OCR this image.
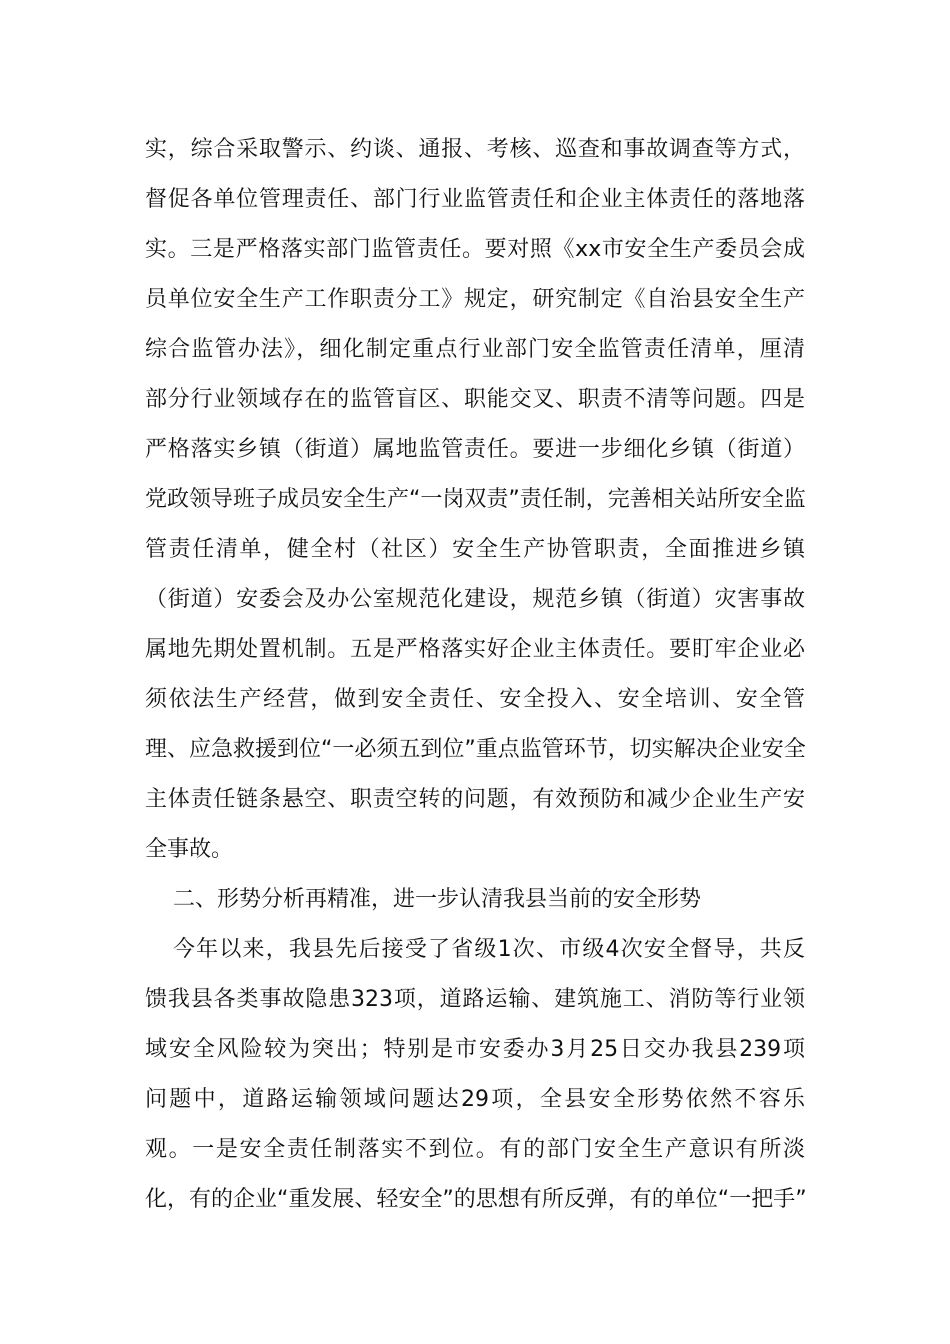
实，综合采取警示、约谈、通报、考核、巡查和事故调查等方式，
督促各单位管理责任、部门行业监管责任和企业主体责任的落地落
实。三是严格落实部门监管责任。要对照《xx市安全生产委员会成
员单位安全生产工作职责分工》规定，研究制定《自治县安全生产
综合监管办法》，细化制定重点行业部门安全监管责任清单，厘清
部分行业领域存在的监管盲区、职能交叉、职责不清等问题。四是
严格落实乡镇（街道）属地监管责任。要进一步细化乡镇（街道）
党政领导班子成员安全生产“一岗双责”责任制，完善相关站所安全监
管责任清单，健全村（社区）安全生产协管职责，全面推进乡镇
（街道）安委会及办公室规范化建设，规范乡镇（街道）灾害事故
属地先期处置机制。五是严格落实好企业主体责任。要盯牢企业必
须依法生产经营，做到安全责任、安全投入、安全培训、安全管
理、应急救援到位“一必须五到位”重点监管环节，切实解决企业安全
主体责任链条悬空、职责空转的问题，有效预防和减少企业生产安
全事故。
二、形势分析再精准，进一步认清我县当前的安全形势
今年以来，我县先后接受了省级1次、市级4次安全督导，共反
馈我县各类事故隐患323项，道路运输、建筑施工、消防等行业领
域安全风险较为突出；特别是市安委办3月25日交办我县239项
问题中，道路运输领域问题达29项，全县安全形势依然不容乐
观。一是安全责任制落实不到位。有的部门安全生产意识有所淡
化，有的企业“重发展、轻安全”的思想有所反弹，有的单位“一把手”
